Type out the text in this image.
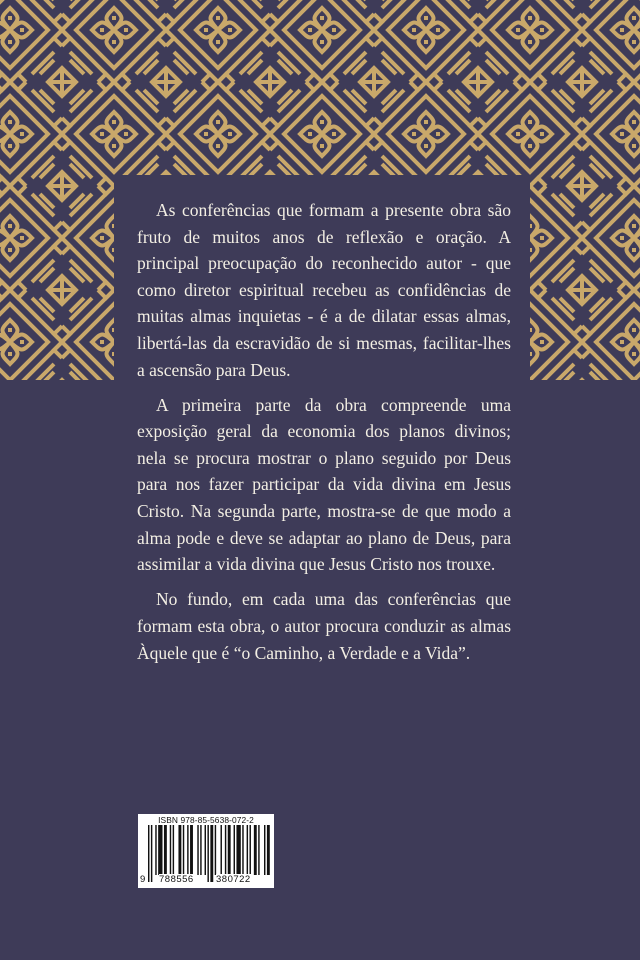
As conferências que formam a presente obra são fruto de muitos anos de reflexão e oração. A principal preocupação do reconhecido autor - que como diretor espiritual recebeu as confidências de muitas almas inquietas - é a de dilatar essas almas, libertá-las da escravidão de si mesmas, facilitar-lhes a ascensão para Deus.

A primeira parte da obra compreende uma exposição geral da economia dos planos divinos; nela se procura mostrar o plano seguido por Deus para nos fazer participar da vida divina em Jesus Cristo. Na segunda parte, mostra-se de que modo a alma pode e deve se adaptar ao plano de Deus, para assimilar a vida divina que Jesus Cristo nos trouxe.

No fundo, em cada uma das conferências que formam esta obra, o autor procura conduzir as almas Àquele que é “o Caminho, a Verdade e a Vida”.

ISBN 978-85-5638-072-2
9 788556 380722
